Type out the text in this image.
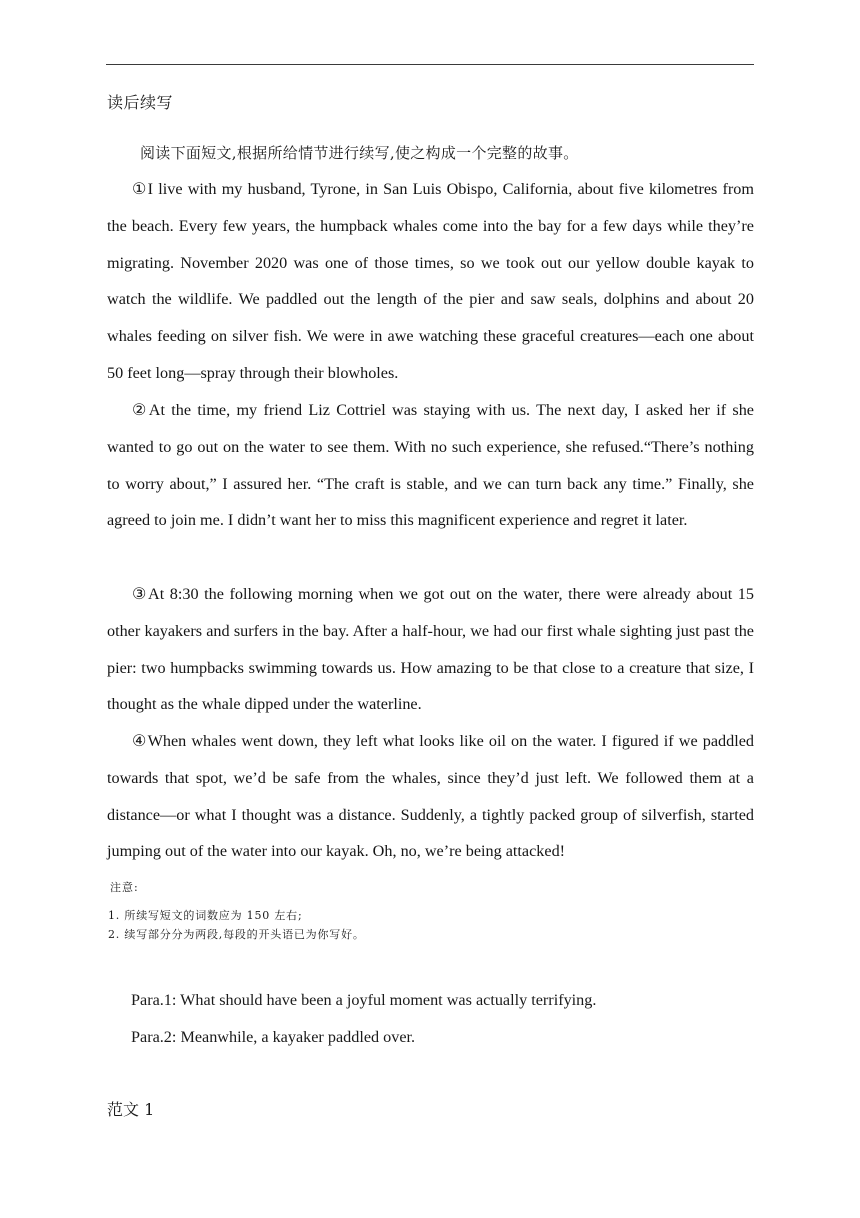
读后续写
阅读下面短文,根据所给情节进行续写,使之构成一个完整的故事。

①I live with my husband, Tyrone, in San Luis Obispo, California, about five kilometres from the beach. Every few years, the humpback whales come into the bay for a few days while they’re migrating. November 2020 was one of those times, so we took out our yellow double kayak to watch the wildlife. We paddled out the length of the pier and saw seals, dolphins and about 20 whales feeding on silver fish. We were in awe watching these graceful creatures—each one about 50 feet long—spray through their blowholes.

②At the time, my friend Liz Cottriel was staying with us. The next day, I asked her if she wanted to go out on the water to see them. With no such experience, she refused.“There’s nothing to worry about,” I assured her. “The craft is stable, and we can turn back any time.” Finally, she agreed to join me. I didn’t want her to miss this magnificent experience and regret it later.

③At 8:30 the following morning when we got out on the water, there were already about 15 other kayakers and surfers in the bay. After a half-hour, we had our first whale sighting just past the pier: two humpbacks swimming towards us. How amazing to be that close to a creature that size, I thought as the whale dipped under the waterline.

④When whales went down, they left what looks like oil on the water. I figured if we paddled towards that spot, we’d be safe from the whales, since they’d just left. We followed them at a distance—or what I thought was a distance. Suddenly, a tightly packed group of silverfish, started jumping out of the water into our kayak. Oh, no, we’re being attacked!

注意:
1. 所续写短文的词数应为 150 左右;
2. 续写部分分为两段,每段的开头语已为你写好。
Para.1: What should have been a joyful moment was actually terrifying.
Para.2: Meanwhile, a kayaker paddled over.
范文 1
